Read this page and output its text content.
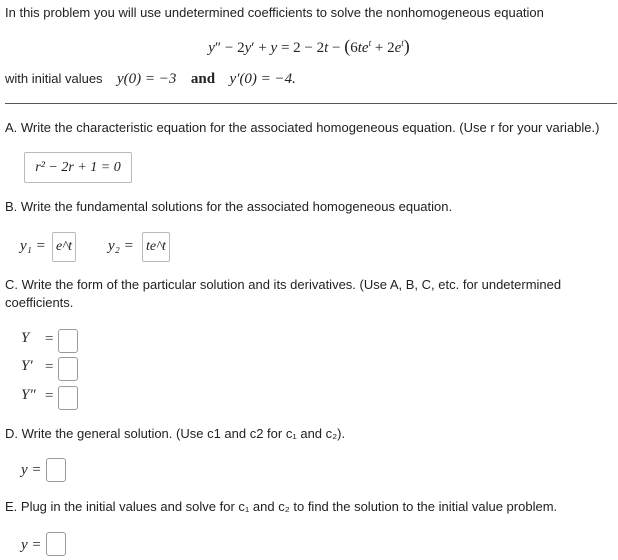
In this problem you will use undetermined coefficients to solve the nonhomogeneous equation
$y'' - 2y' + y = 2 - 2t - (6te^t + 2e^t)$
with initial values y(0) = −3 and y′(0) = −4.
A. Write the characteristic equation for the associated homogeneous equation. (Use r for your variable.)
r² − 2r + 1 = 0
B. Write the fundamental solutions for the associated homogeneous equation.
y₁ = e^t y₂ = te^t
C. Write the form of the particular solution and its derivatives. (Use A, B, C, etc. for undetermined coefficients.
Y =
Y′ =
Y″ =
D. Write the general solution. (Use c1 and c2 for c₁ and c₂).
y =
E. Plug in the initial values and solve for c₁ and c₂ to find the solution to the initial value problem.
y =
